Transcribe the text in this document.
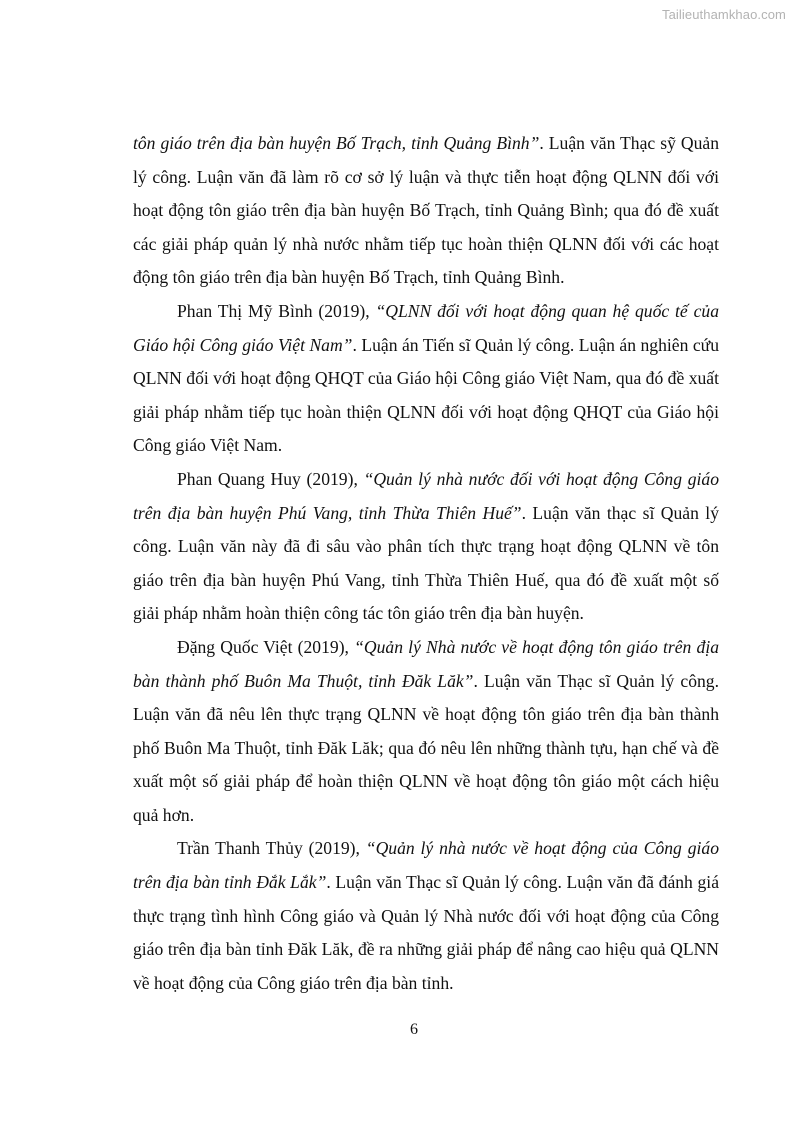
Tailieuthamkhao.com

tôn giáo trên địa bàn huyện Bố Trạch, tỉnh Quảng Bình”. Luận văn Thạc sỹ Quản lý công. Luận văn đã làm rõ cơ sở lý luận và thực tiễn hoạt động QLNN đối với hoạt động tôn giáo trên địa bàn huyện Bố Trạch, tỉnh Quảng Bình; qua đó đề xuất các giải pháp quản lý nhà nước nhằm tiếp tục hoàn thiện QLNN đối với các hoạt động tôn giáo trên địa bàn huyện Bố Trạch, tỉnh Quảng Bình.

Phan Thị Mỹ Bình (2019), “QLNN đối với hoạt động quan hệ quốc tế của Giáo hội Công giáo Việt Nam”. Luận án Tiến sĩ Quản lý công. Luận án nghiên cứu QLNN đối với hoạt động QHQT của Giáo hội Công giáo Việt Nam, qua đó đề xuất giải pháp nhằm tiếp tục hoàn thiện QLNN đối với hoạt động QHQT của Giáo hội Công giáo Việt Nam.

Phan Quang Huy (2019), “Quản lý nhà nước đối với hoạt động Công giáo trên địa bàn huyện Phú Vang, tỉnh Thừa Thiên Huế”. Luận văn thạc sĩ Quản lý công. Luận văn này đã đi sâu vào phân tích thực trạng hoạt động QLNN về tôn giáo trên địa bàn huyện Phú Vang, tỉnh Thừa Thiên Huế, qua đó đề xuất một số giải pháp nhằm hoàn thiện công tác tôn giáo trên địa bàn huyện.

Đặng Quốc Việt (2019), “Quản lý Nhà nước về hoạt động tôn giáo trên địa bàn thành phố Buôn Ma Thuột, tỉnh Đăk Lăk”. Luận văn Thạc sĩ Quản lý công. Luận văn đã nêu lên thực trạng QLNN về hoạt động tôn giáo trên địa bàn thành phố Buôn Ma Thuột, tỉnh Đăk Lăk; qua đó nêu lên những thành tựu, hạn chế và đề xuất một số giải pháp để hoàn thiện QLNN về hoạt động tôn giáo một cách hiệu quả hơn.

Trần Thanh Thủy (2019), “Quản lý nhà nước về hoạt động của Công giáo trên địa bàn tỉnh Đắk Lắk”. Luận văn Thạc sĩ Quản lý công. Luận văn đã đánh giá thực trạng tình hình Công giáo và Quản lý Nhà nước đối với hoạt động của Công giáo trên địa bàn tỉnh Đăk Lăk, đề ra những giải pháp để nâng cao hiệu quả QLNN về hoạt động của Công giáo trên địa bàn tỉnh.

6
